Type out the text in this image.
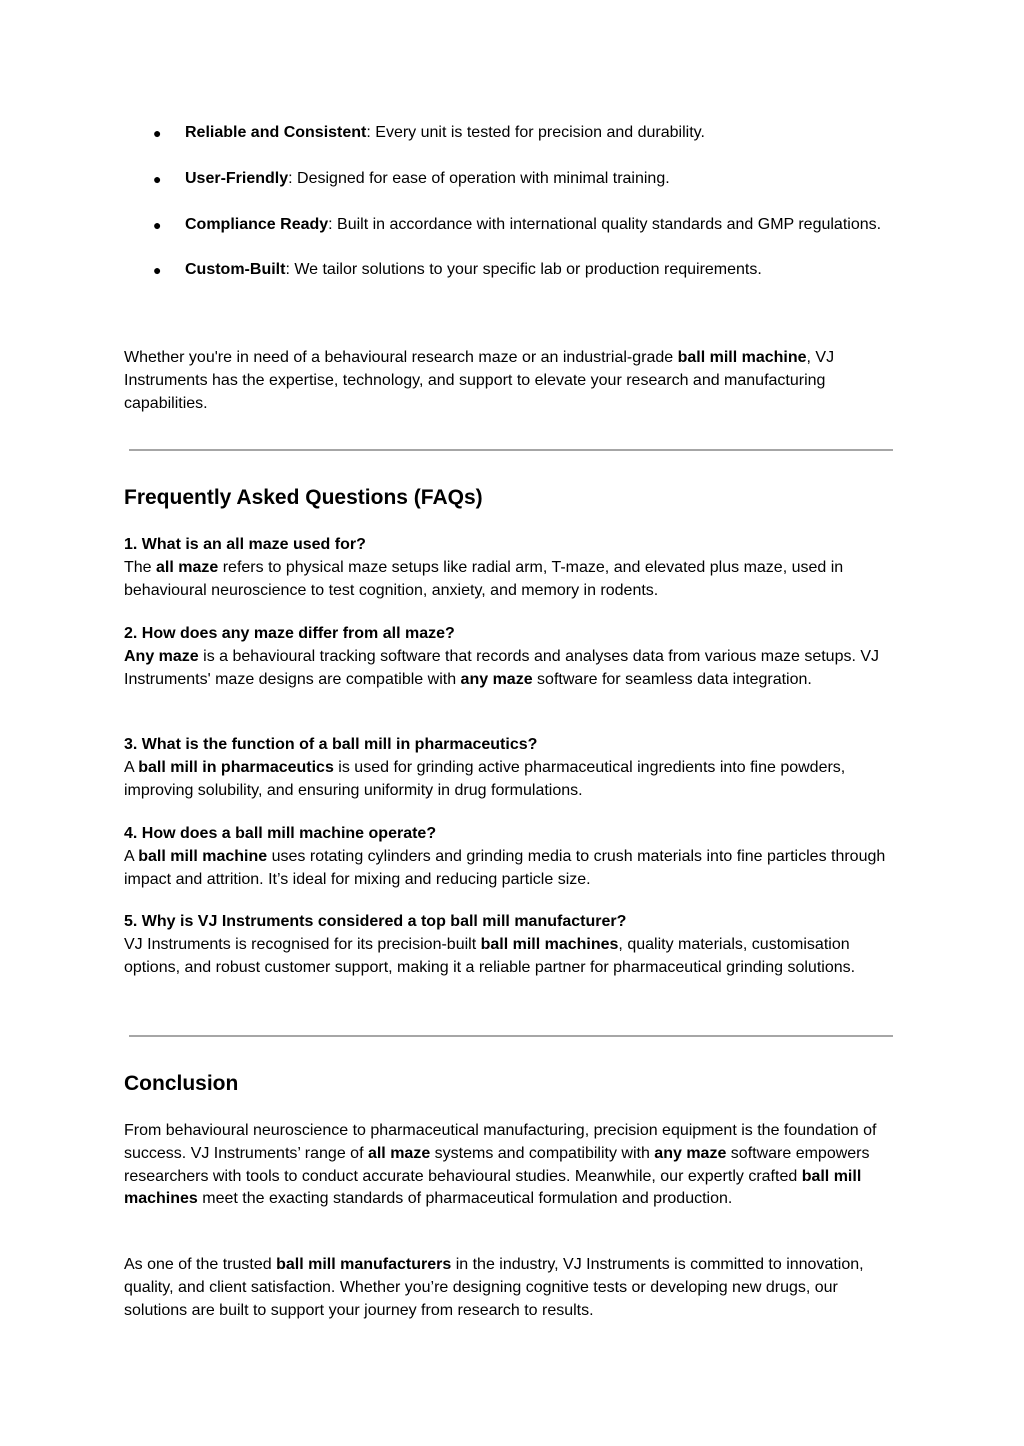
● Reliable and Consistent: Every unit is tested for precision and durability.
● User-Friendly: Designed for ease of operation with minimal training.
● Compliance Ready: Built in accordance with international quality standards and GMP regulations.
● Custom-Built: We tailor solutions to your specific lab or production requirements.

Whether you're in need of a behavioural research maze or an industrial-grade ball mill machine, VJ Instruments has the expertise, technology, and support to elevate your research and manufacturing capabilities.

Frequently Asked Questions (FAQs)
1. What is an all maze used for?
The all maze refers to physical maze setups like radial arm, T-maze, and elevated plus maze, used in behavioural neuroscience to test cognition, anxiety, and memory in rodents.
2. How does any maze differ from all maze?
Any maze is a behavioural tracking software that records and analyses data from various maze setups. VJ Instruments' maze designs are compatible with any maze software for seamless data integration.
3. What is the function of a ball mill in pharmaceutics?
A ball mill in pharmaceutics is used for grinding active pharmaceutical ingredients into fine powders, improving solubility, and ensuring uniformity in drug formulations.
4. How does a ball mill machine operate?
A ball mill machine uses rotating cylinders and grinding media to crush materials into fine particles through impact and attrition. It’s ideal for mixing and reducing particle size.
5. Why is VJ Instruments considered a top ball mill manufacturer?
VJ Instruments is recognised for its precision-built ball mill machines, quality materials, customisation options, and robust customer support, making it a reliable partner for pharmaceutical grinding solutions.
Conclusion

From behavioural neuroscience to pharmaceutical manufacturing, precision equipment is the foundation of success. VJ Instruments’ range of all maze systems and compatibility with any maze software empowers researchers with tools to conduct accurate behavioural studies. Meanwhile, our expertly crafted ball mill machines meet the exacting standards of pharmaceutical formulation and production.

As one of the trusted ball mill manufacturers in the industry, VJ Instruments is committed to innovation, quality, and client satisfaction. Whether you’re designing cognitive tests or developing new drugs, our solutions are built to support your journey from research to results.
